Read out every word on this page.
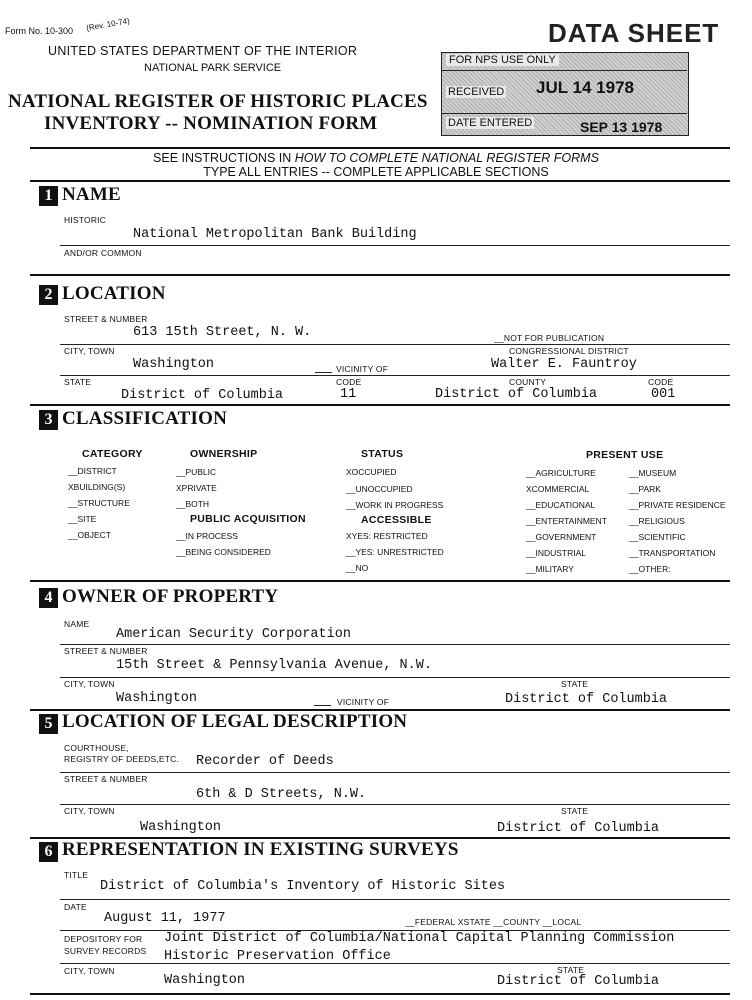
Form No. 10-300 (Rev. 10-74)
UNITED STATES DEPARTMENT OF THE INTERIOR
NATIONAL PARK SERVICE
NATIONAL REGISTER OF HISTORIC PLACES
INVENTORY -- NOMINATION FORM
DATA SHEET
FOR NPS USE ONLY
RECEIVED JUL 14 1978
DATE ENTERED	SEP 13 1978
SEE INSTRUCTIONS IN HOW TO COMPLETE NATIONAL REGISTER FORMS
TYPE ALL ENTRIES -- COMPLETE APPLICABLE SECTIONS
1 NAME
HISTORIC
National Metropolitan Bank Building
AND/OR COMMON
2 LOCATION
STREET & NUMBER
613 15th Street, N. W.	__NOT FOR PUBLICATION
CITY, TOWN	CONGRESSIONAL DISTRICT
Washington	VICINITY OF	Walter E. Fauntroy
STATE	CODE	COUNTY	CODE
District of Columbia	11	District of Columbia	001
3 CLASSIFICATION
CATEGORY
__DISTRICT
XBUILDING(S)
__STRUCTURE
__SITE
__OBJECT
OWNERSHIP
__PUBLIC
XPRIVATE
__BOTH
PUBLIC ACQUISITION
__IN PROCESS
__BEING CONSIDERED
STATUS
XOCCUPIED
__UNOCCUPIED
__WORK IN PROGRESS
ACCESSIBLE
XYES: RESTRICTED
__YES: UNRESTRICTED
__NO
PRESENT USE
__AGRICULTURE
XCOMMERCIAL
__EDUCATIONAL
__ENTERTAINMENT
__GOVERNMENT
__INDUSTRIAL
__MILITARY
__MUSEUM
__PARK
__PRIVATE RESIDENCE
__RELIGIOUS
__SCIENTIFIC
__TRANSPORTATION
__OTHER:
4 OWNER OF PROPERTY
NAME
American Security Corporation
STREET & NUMBER
15th Street & Pennsylvania Avenue, N.W.
CITY, TOWN	STATE
Washington	VICINITY OF	District of Columbia
5 LOCATION OF LEGAL DESCRIPTION
COURTHOUSE,
REGISTRY OF DEEDS,ETC. Recorder of Deeds
STREET & NUMBER
6th & D Streets, N.W.
CITY, TOWN	STATE
Washington	District of Columbia
6 REPRESENTATION IN EXISTING SURVEYS
TITLE
District of Columbia's Inventory of Historic Sites
DATE
August 11, 1977	__FEDERAL XSTATE __COUNTY __LOCAL
DEPOSITORY FOR
SURVEY RECORDS
Joint District of Columbia/National Capital Planning Commission
Historic Preservation Office
CITY, TOWN	STATE
Washington	District of Columbia
